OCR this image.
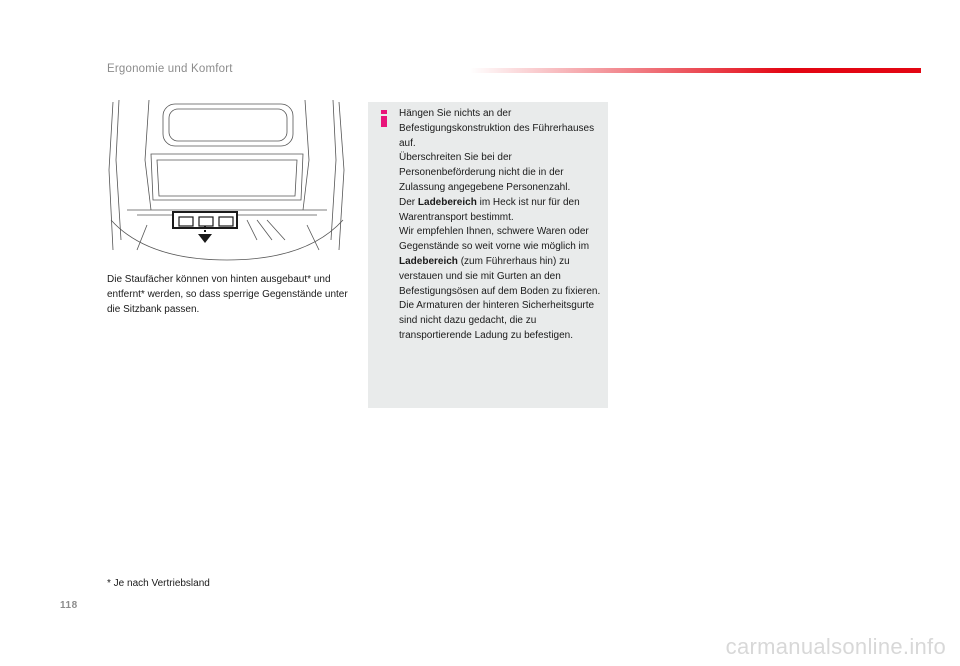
Ergonomie und Komfort

Die Staufächer können von hinten ausgebaut* und entfernt* werden, so dass sperrige Gegenstände unter die Sitzbank passen.

Hängen Sie nichts an der Befestigungskonstruktion des Führerhauses auf.

Überschreiten Sie bei der Personenbeförderung nicht die in der Zulassung angegebene Personenzahl.

Der Ladebereich im Heck ist nur für den Warentransport bestimmt.

Wir empfehlen Ihnen, schwere Waren oder Gegenstände so weit vorne wie möglich im Ladebereich (zum Führerhaus hin) zu verstauen und sie mit Gurten an den Befestigungsösen auf dem Boden zu fixieren.

Die Armaturen der hinteren Sicherheitsgurte sind nicht dazu gedacht, die zu transportierende Ladung zu befestigen.

* Je nach Vertriebsland
118
carmanualsonline.info
